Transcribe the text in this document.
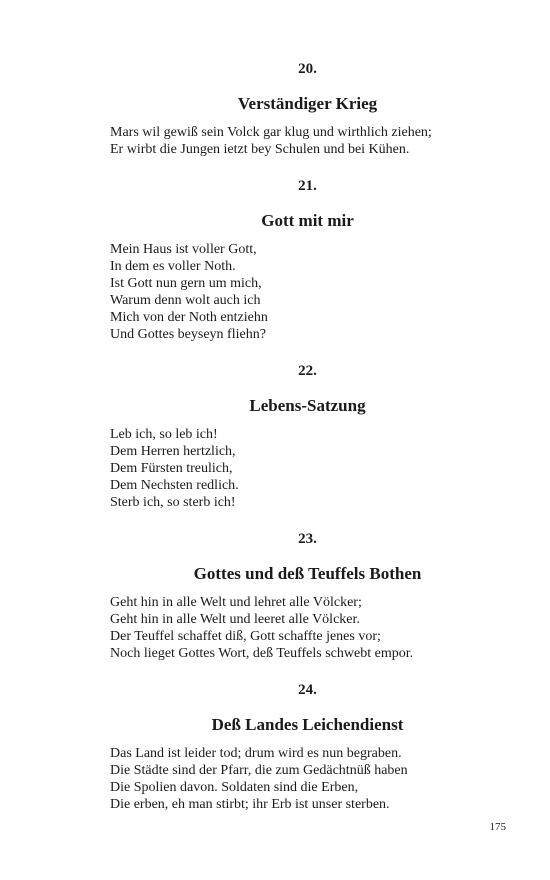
20.

Verständiger Krieg

Mars wil gewiß sein Volck gar klug und wirthlich ziehen;
Er wirbt die Jungen ietzt bey Schulen und bei Kühen.

21.

Gott mit mir

Mein Haus ist voller Gott,
In dem es voller Noth.
Ist Gott nun gern um mich,
Warum denn wolt auch ich
Mich von der Noth entziehn
Und Gottes beyseyn fliehn?

22.

Lebens-Satzung

Leb ich, so leb ich!
Dem Herren hertzlich,
Dem Fürsten treulich,
Dem Nechsten redlich.
Sterb ich, so sterb ich!

23.

Gottes und deß Teuffels Bothen

Geht hin in alle Welt und lehret alle Völcker;
Geht hin in alle Welt und leeret alle Völcker.
Der Teuffel schaffet diß, Gott schaffte jenes vor;
Noch lieget Gottes Wort, deß Teuffels schwebt empor.

24.

Deß Landes Leichendienst

Das Land ist leider tod; drum wird es nun begraben.
Die Städte sind der Pfarr, die zum Gedächtnüß haben
Die Spolien davon. Soldaten sind die Erben,
Die erben, eh man stirbt; ihr Erb ist unser sterben.
175
